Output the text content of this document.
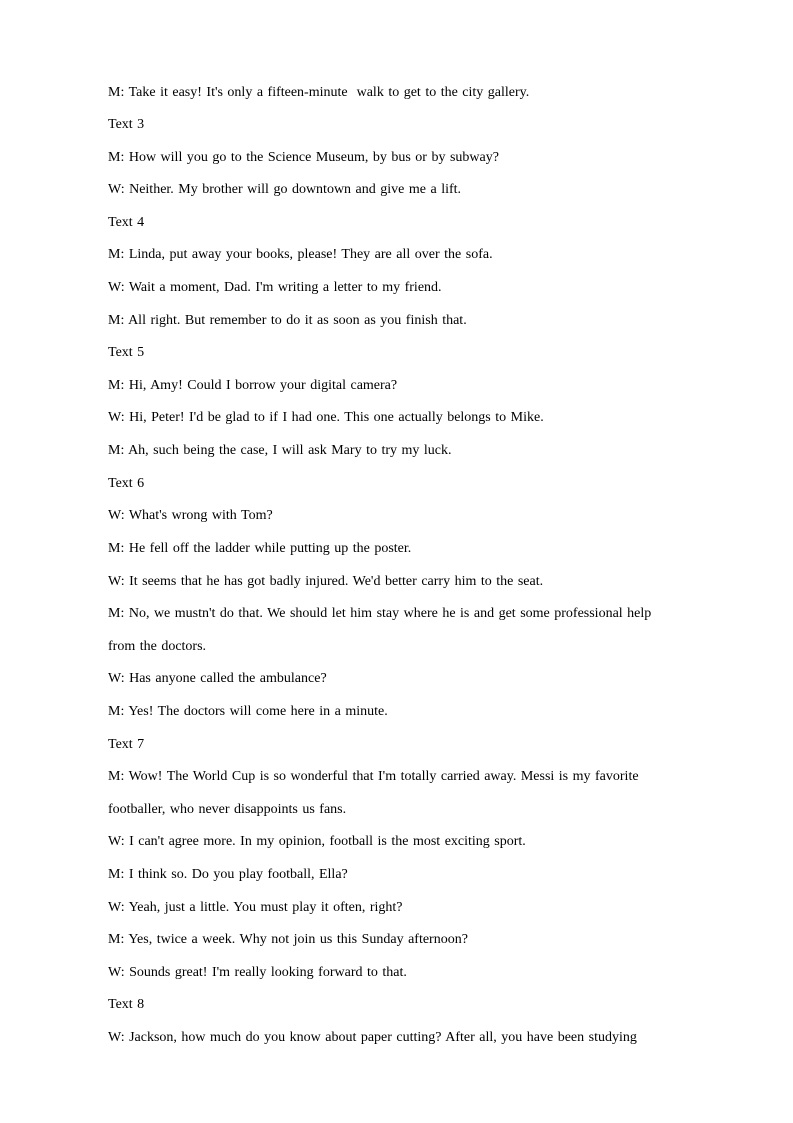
M: Take it easy! It's only a fifteen-minute  walk to get to the city gallery.

Text 3

M: How will you go to the Science Museum, by bus or by subway?

W: Neither. My brother will go downtown and give me a lift.

Text 4

M: Linda, put away your books, please! They are all over the sofa.

W: Wait a moment, Dad. I'm writing a letter to my friend.

M: All right. But remember to do it as soon as you finish that.

Text 5

M: Hi, Amy! Could I borrow your digital camera?

W: Hi, Peter! I'd be glad to if I had one. This one actually belongs to Mike.

M: Ah, such being the case, I will ask Mary to try my luck.

Text 6

W: What's wrong with Tom?

M: He fell off the ladder while putting up the poster.

W: It seems that he has got badly injured. We'd better carry him to the seat.

M: No, we mustn't do that. We should let him stay where he is and get some professional help

from the doctors.

W: Has anyone called the ambulance?

M: Yes! The doctors will come here in a minute.

Text 7

M: Wow! The World Cup is so wonderful that I'm totally carried away. Messi is my favorite

footballer, who never disappoints us fans.

W: I can't agree more. In my opinion, football is the most exciting sport.

M: I think so. Do you play football, Ella?

W: Yeah, just a little. You must play it often, right?

M: Yes, twice a week. Why not join us this Sunday afternoon?

W: Sounds great! I'm really looking forward to that.

Text 8

W: Jackson, how much do you know about paper cutting? After all, you have been studying
